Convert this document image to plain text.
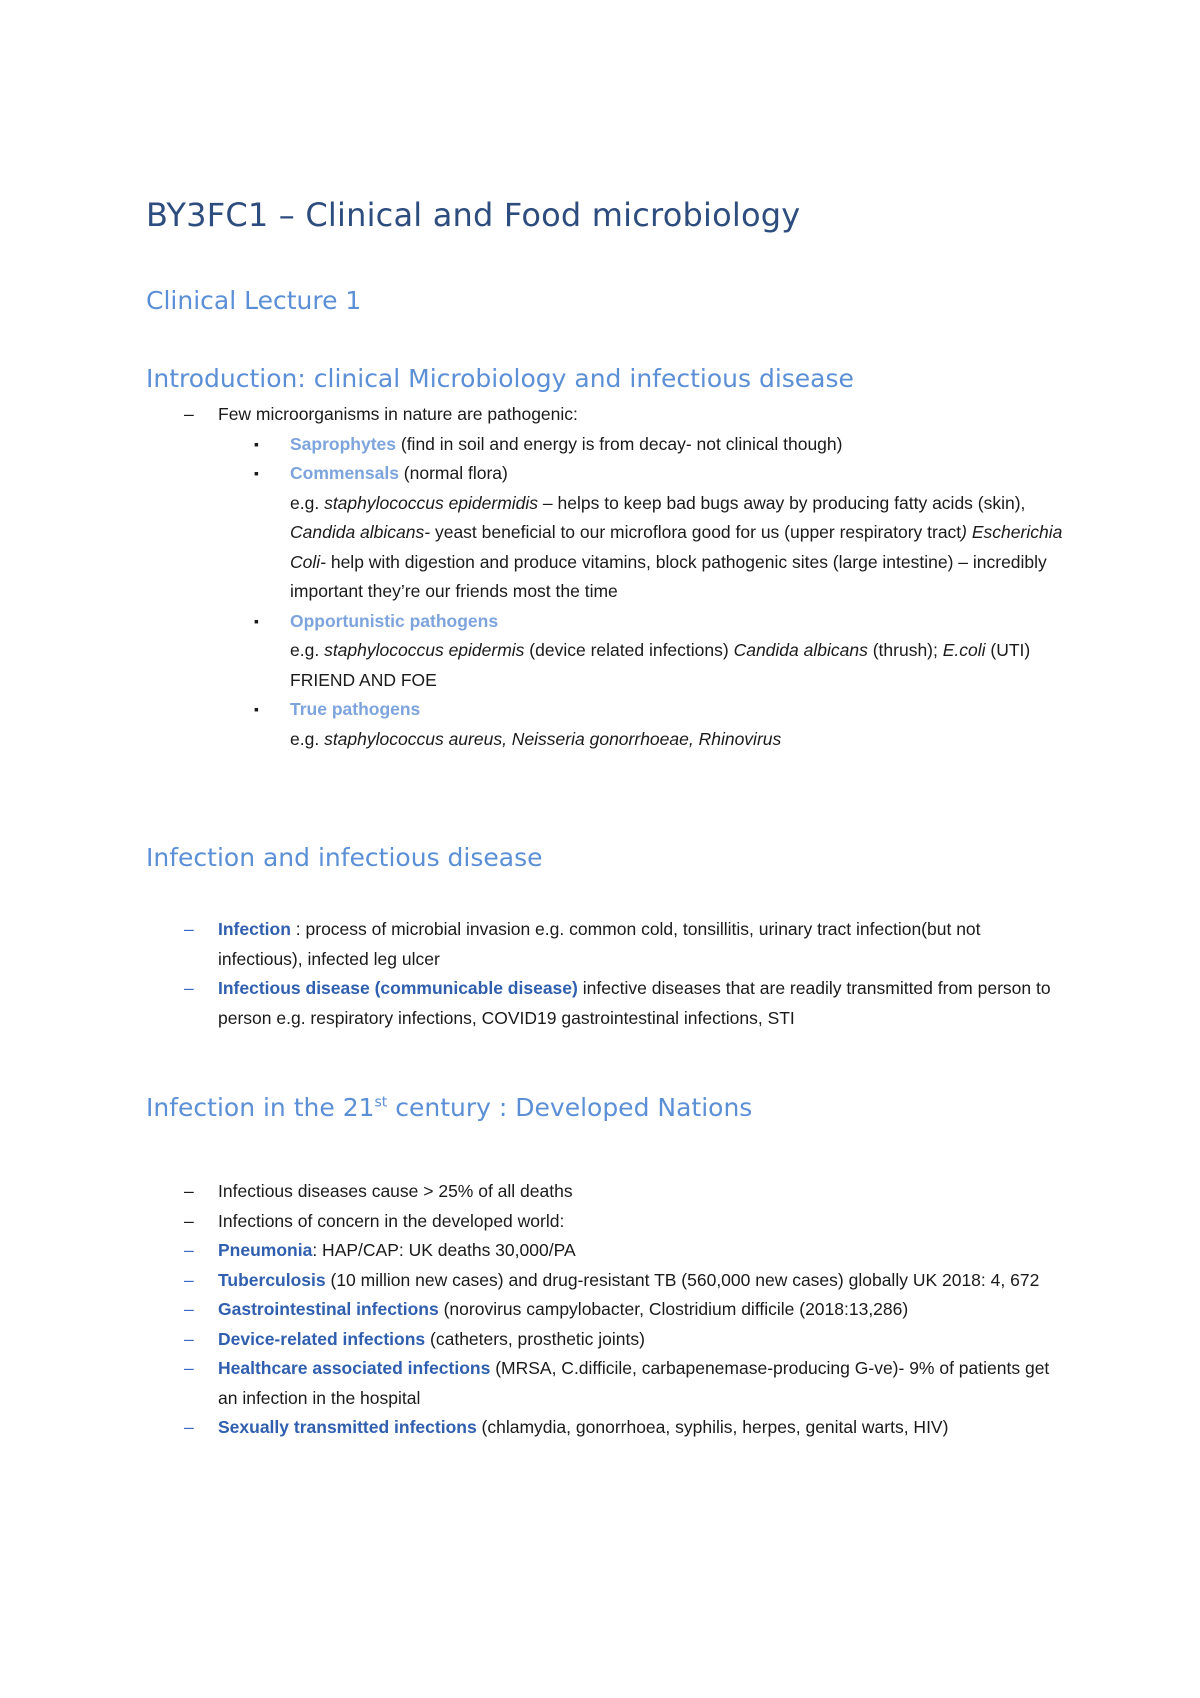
BY3FC1 – Clinical and Food microbiology
Clinical Lecture 1
Introduction: clinical Microbiology and infectious disease
– Few microorganisms in nature are pathogenic:
▪	Saprophytes (find in soil and energy is from decay- not clinical though)
▪	Commensals (normal flora)
e.g. staphylococcus epidermidis – helps to keep bad bugs away by producing fatty acids (skin), Candida albicans- yeast beneficial to our microflora good for us (upper respiratory tract) Escherichia Coli- help with digestion and produce vitamins, block pathogenic sites (large intestine) – incredibly important they’re our friends most the time
▪	Opportunistic pathogens
e.g. staphylococcus epidermis (device related infections) Candida albicans (thrush); E.coli (UTI) FRIEND AND FOE
▪	True pathogens
e.g. staphylococcus aureus, Neisseria gonorrhoeae, Rhinovirus
Infection and infectious disease
– Infection : process of microbial invasion e.g. common cold, tonsillitis, urinary tract infection(but not infectious), infected leg ulcer
– Infectious disease (communicable disease) infective diseases that are readily transmitted from person to person e.g. respiratory infections, COVID19 gastrointestinal infections, STI
Infection in the 21st century : Developed Nations
– Infectious diseases cause > 25% of all deaths
– Infections of concern in the developed world:
– Pneumonia: HAP/CAP: UK deaths 30,000/PA
– Tuberculosis (10 million new cases) and drug-resistant TB (560,000 new cases) globally UK 2018: 4, 672
– Gastrointestinal infections (norovirus campylobacter, Clostridium difficile (2018:13,286)
– Device-related infections (catheters, prosthetic joints)
– Healthcare associated infections (MRSA, C.difficile, carbapenemase-producing G-ve)- 9% of patients get an infection in the hospital
– Sexually transmitted infections (chlamydia, gonorrhoea, syphilis, herpes, genital warts, HIV)
